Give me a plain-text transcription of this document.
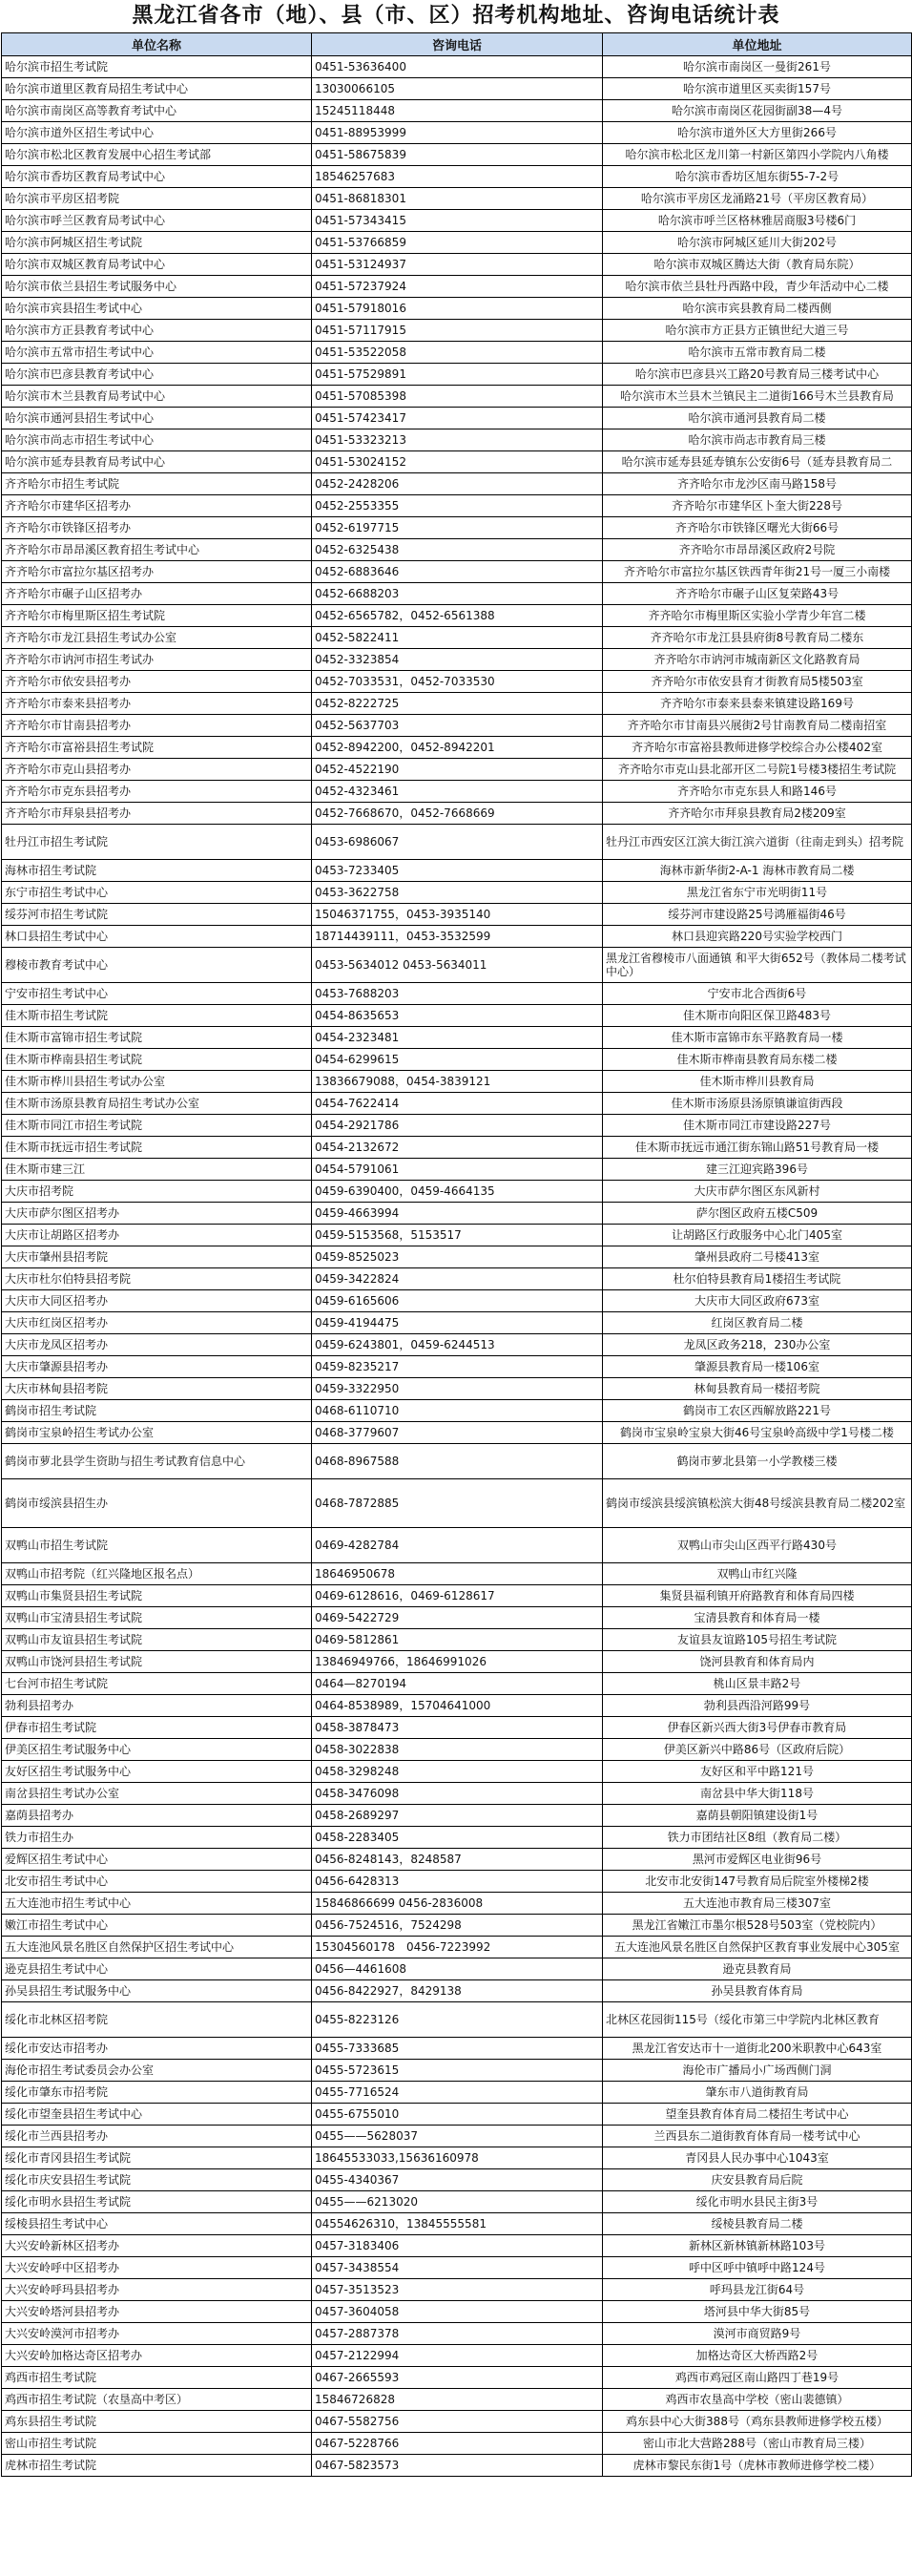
黑龙江省各市（地）、县（市、区）招考机构地址、咨询电话统计表
单位名称	咨询电话	单位地址
哈尔滨市招生考试院	0451-53636400	哈尔滨市南岗区一曼街261号
哈尔滨市道里区教育局招生考试中心	13030066105	哈尔滨市道里区买卖街157号
哈尔滨市南岗区高等教育考试中心	15245118448	哈尔滨市南岗区花园街副38—4号
哈尔滨市道外区招生考试中心	0451-88953999	哈尔滨市道外区大方里街266号
哈尔滨市松北区教育发展中心招生考试部	0451-58675839	哈尔滨市松北区龙川第一村新区第四小学院内八角楼
哈尔滨市香坊区教育局考试中心	18546257683	哈尔滨市香坊区旭东街55-7-2号
哈尔滨市平房区招考院	0451-86818301	哈尔滨市平房区龙涌路21号（平房区教育局）
哈尔滨市呼兰区教育局考试中心	0451-57343415	哈尔滨市呼兰区格林雅居商服3号楼6门
哈尔滨市阿城区招生考试院	0451-53766859	哈尔滨市阿城区延川大街202号
哈尔滨市双城区教育局考试中心	0451-53124937	哈尔滨市双城区腾达大街（教育局东院）
哈尔滨市依兰县招生考试服务中心	0451-57237924	哈尔滨市依兰县牡丹西路中段，青少年活动中心二楼
哈尔滨市宾县招生考试中心	0451-57918016	哈尔滨市宾县教育局二楼西侧
哈尔滨市方正县教育考试中心	0451-57117915	哈尔滨市方正县方正镇世纪大道三号
哈尔滨市五常市招生考试中心	0451-53522058	哈尔滨市五常市教育局二楼
哈尔滨市巴彦县教育考试中心	0451-57529891	哈尔滨市巴彦县兴工路20号教育局三楼考试中心
哈尔滨市木兰县教育局考试中心	0451-57085398	哈尔滨市木兰县木兰镇民主二道街166号木兰县教育局
哈尔滨市通河县招生考试中心	0451-57423417	哈尔滨市通河县教育局二楼
哈尔滨市尚志市招生考试中心	0451-53323213	哈尔滨市尚志市教育局三楼
哈尔滨市延寿县教育局考试中心	0451-53024152	哈尔滨市延寿县延寿镇东公安街6号（延寿县教育局二
齐齐哈尔市招生考试院	0452-2428206	齐齐哈尔市龙沙区南马路158号
齐齐哈尔市建华区招考办	0452-2553355	齐齐哈尔市建华区卜奎大街228号
齐齐哈尔市铁锋区招考办	0452-6197715	齐齐哈尔市铁锋区曙光大街66号
齐齐哈尔市昂昂溪区教育招生考试中心	0452-6325438	齐齐哈尔市昂昂溪区政府2号院
齐齐哈尔市富拉尔基区招考办	0452-6883646	齐齐哈尔市富拉尔基区铁西青年街21号一厦三小南楼
齐齐哈尔市碾子山区招考办	0452-6688203	齐齐哈尔市碾子山区复荣路43号
齐齐哈尔市梅里斯区招生考试院	0452-6565782，0452-6561388	齐齐哈尔市梅里斯区实验小学青少年宫二楼
齐齐哈尔市龙江县招生考试办公室	0452-5822411	齐齐哈尔市龙江县县府街8号教育局二楼东
齐齐哈尔市讷河市招生考试办	0452-3323854	齐齐哈尔市讷河市城南新区文化路教育局
齐齐哈尔市依安县招考办	0452-7033531，0452-7033530	齐齐哈尔市依安县育才街教育局5楼503室
齐齐哈尔市泰来县招考办	0452-8222725	齐齐哈尔市泰来县泰来镇建设路169号
齐齐哈尔市甘南县招考办	0452-5637703	齐齐哈尔市甘南县兴展街2号甘南教育局二楼南招室
齐齐哈尔市富裕县招生考试院	0452-8942200，0452-8942201	齐齐哈尔市富裕县教师进修学校综合办公楼402室
齐齐哈尔市克山县招考办	0452-4522190	齐齐哈尔市克山县北部开区二号院1号楼3楼招生考试院
齐齐哈尔市克东县招考办	0452-4323461	齐齐哈尔市克东县人和路146号
齐齐哈尔市拜泉县招考办	0452-7668670，0452-7668669	齐齐哈尔市拜泉县教育局2楼209室
牡丹江市招生考试院	0453-6986067	牡丹江市西安区江滨大街江滨六道街（往南走到头）招考院
海林市招生考试院	0453-7233405	海林市新华街2-A-1 海林市教育局二楼
东宁市招生考试中心	0453-3622758	黑龙江省东宁市光明街11号
绥芬河市招生考试院	15046371755，0453-3935140	绥芬河市建设路25号鸿雁福街46号
林口县招生考试中心	18714439111，0453-3532599	林口县迎宾路220号实验学校西门
穆棱市教育考试中心	0453-5634012 0453-5634011	黑龙江省穆棱市八面通镇 和平大街652号（教体局二楼考试中心）
宁安市招生考试中心	0453-7688203	宁安市北合西街6号
佳木斯市招生考试院	0454-8635653	佳木斯市向阳区保卫路483号
佳木斯市富锦市招生考试院	0454-2323481	佳木斯市富锦市东平路教育局一楼
佳木斯市桦南县招生考试院	0454-6299615	佳木斯市桦南县教育局东楼二楼
佳木斯市桦川县招生考试办公室	13836679088，0454-3839121	佳木斯市桦川县教育局
佳木斯市汤原县教育局招生考试办公室	0454-7622414	佳木斯市汤原县汤原镇谦谊街西段
佳木斯市同江市招生考试院	0454-2921786	佳木斯市同江市建设路227号
佳木斯市抚远市招生考试院	0454-2132672	佳木斯市抚远市通江街东锦山路51号教育局一楼
佳木斯市建三江	0454-5791061	建三江迎宾路396号
大庆市招考院	0459-6390400，0459-4664135	大庆市萨尔图区东风新村
大庆市萨尔图区招考办	0459-4663994	萨尔图区政府五楼C509
大庆市让胡路区招考办	0459-5153568，5153517	让胡路区行政服务中心北门405室
大庆市肇州县招考院	0459-8525023	肇州县政府二号楼413室
大庆市杜尔伯特县招考院	0459-3422824	杜尔伯特县教育局1楼招生考试院
大庆市大同区招考办	0459-6165606	大庆市大同区政府673室
大庆市红岗区招考办	0459-4194475	红岗区教育局二楼
大庆市龙凤区招考办	0459-6243801，0459-6244513	龙凤区政务218，230办公室
大庆市肇源县招考办	0459-8235217	肇源县教育局一楼106室
大庆市林甸县招考院	0459-3322950	林甸县教育局一楼招考院
鹤岗市招生考试院	0468-6110710	鹤岗市工农区西解放路221号
鹤岗市宝泉岭招生考试办公室	0468-3779607	鹤岗市宝泉岭宝泉大街46号宝泉岭高级中学1号楼二楼
鹤岗市萝北县学生资助与招生考试教育信息中心	0468-8967588	鹤岗市萝北县第一小学教楼三楼
鹤岗市绥滨县招生办	0468-7872885	鹤岗市绥滨县绥滨镇松滨大街48号绥滨县教育局二楼202室
双鸭山市招生考试院	0469-4282784	双鸭山市尖山区西平行路430号
双鸭山市招考院（红兴隆地区报名点）	18646950678	双鸭山市红兴隆
双鸭山市集贤县招生考试院	0469-6128616，0469-6128617	集贤县福利镇开府路教育和体育局四楼
双鸭山市宝清县招生考试院	0469-5422729	宝清县教育和体育局一楼
双鸭山市友谊县招生考试院	0469-5812861	友谊县友谊路105号招生考试院
双鸭山市饶河县招生考试院	13846949766，18646991026	饶河县教育和体育局内
七台河市招生考试院	0464—8270194	桃山区景丰路2号
勃利县招考办	0464-8538989，15704641000	勃利县西沿河路99号
伊春市招生考试院	0458-3878473	伊春区新兴西大街3号伊春市教育局
伊美区招生考试服务中心	0458-3022838	伊美区新兴中路86号（区政府后院）
友好区招生考试服务中心	0458-3298248	友好区和平中路121号
南岔县招生考试办公室	0458-3476098	南岔县中华大街118号
嘉荫县招考办	0458-2689297	嘉荫县朝阳镇建设街1号
铁力市招生办	0458-2283405	铁力市团结社区8组（教育局二楼）
爱辉区招生考试中心	0456-8248143，8248587	黑河市爱辉区电业街96号
北安市招生考试中心	0456-6428313	北安市北安街147号教育局后院室外楼梯2楼
五大连池市招生考试中心	15846866699 0456-2836008	五大连池市教育局三楼307室
嫩江市招生考试中心	0456-7524516，7524298	黑龙江省嫩江市墨尔根528号503室（党校院内）
五大连池风景名胜区自然保护区招生考试中心	15304560178　0456-7223992	五大连池风景名胜区自然保护区教育事业发展中心305室
逊克县招生考试中心	0456—4461608	逊克县教育局
孙吴县招生考试服务中心	0456-8422927，8429138	孙吴县教育体育局
绥化市北林区招考院	0455-8223126	北林区花园街115号（绥化市第三中学院内北林区教育
绥化市安达市招考办	0455-7333685	黑龙江省安达市十一道街北200米职教中心643室
海伦市招生考试委员会办公室	0455-5723615	海伦市广播局小广场西侧门洞
绥化市肇东市招考院	0455-7716524	肇东市八道街教育局
绥化市望奎县招生考试中心	0455-6755010	望奎县教育体育局二楼招生考试中心
绥化市兰西县招考办	0455——5628037	兰西县东二道街教育体育局一楼考试中心
绥化市青冈县招生考试院	18645533033,15636160978	青冈县人民办事中心1043室
绥化市庆安县招生考试院	0455-4340367	庆安县教育局后院
绥化市明水县招生考试院	0455——6213020	绥化市明水县民主街3号
绥棱县招生考试中心	04554626310，13845555581	绥棱县教育局二楼
大兴安岭新林区招考办	0457-3183406	新林区新林镇新林路103号
大兴安岭呼中区招考办	0457-3438554	呼中区呼中镇呼中路124号
大兴安岭呼玛县招考办	0457-3513523	呼玛县龙江街64号
大兴安岭塔河县招考办	0457-3604058	塔河县中华大街85号
大兴安岭漠河市招考办	0457-2887378	漠河市商贸路9号
大兴安岭加格达奇区招考办	0457-2122994	加格达奇区大桥西路2号
鸡西市招生考试院	0467-2665593	鸡西市鸡冠区南山路四丁巷19号
鸡西市招生考试院（农垦高中考区）	15846726828	鸡西市农垦高中学校（密山裴德镇）
鸡东县招生考试院	0467-5582756	鸡东县中心大街388号（鸡东县教师进修学校五楼）
密山市招生考试院	0467-5228766	密山市北大营路288号（密山市教育局三楼）
虎林市招生考试院	0467-5823573	虎林市黎民东街1号（虎林市教师进修学校二楼）
